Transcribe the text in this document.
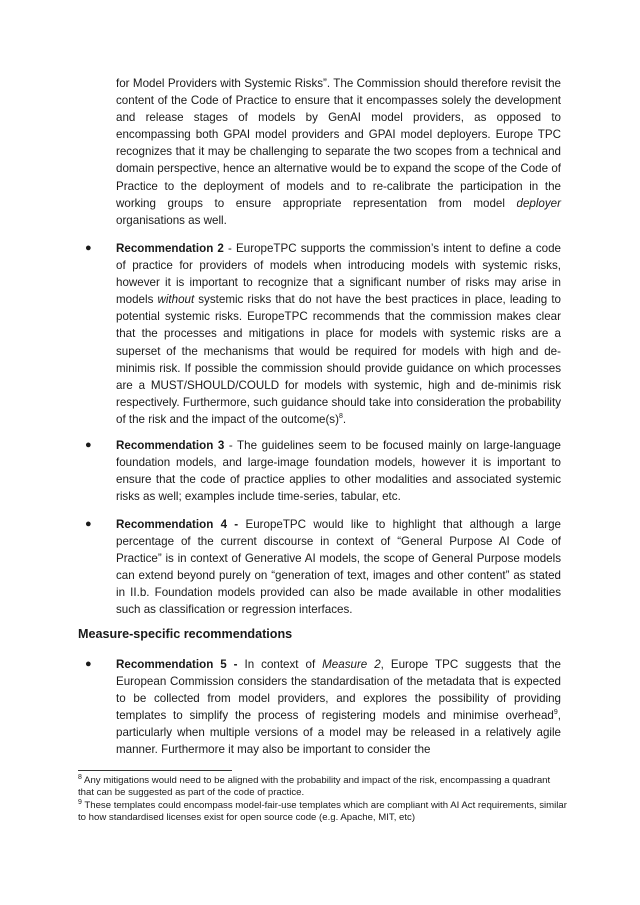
for Model Providers with Systemic Risks”. The Commission should therefore revisit the content of the Code of Practice to ensure that it encompasses solely the development and release stages of models by GenAI model providers, as opposed to encompassing both GPAI model providers and GPAI model deployers. Europe TPC recognizes that it may be challenging to separate the two scopes from a technical and domain perspective, hence an alternative would be to expand the scope of the Code of Practice to the deployment of models and to re-calibrate the participation in the working groups to ensure appropriate representation from model deployer organisations as well.

● Recommendation 2 - EuropeTPC supports the commission’s intent to define a code of practice for providers of models when introducing models with systemic risks, however it is important to recognize that a significant number of risks may arise in models without systemic risks that do not have the best practices in place, leading to potential systemic risks. EuropeTPC recommends that the commission makes clear that the processes and mitigations in place for models with systemic risks are a superset of the mechanisms that would be required for models with high and de-minimis risk. If possible the commission should provide guidance on which processes are a MUST/SHOULD/COULD for models with systemic, high and de-minimis risk respectively. Furthermore, such guidance should take into consideration the probability of the risk and the impact of the $outcome(s)^8$.

● Recommendation 3 - The guidelines seem to be focused mainly on large-language foundation models, and large-image foundation models, however it is important to ensure that the code of practice applies to other modalities and associated systemic risks as well; examples include time-series, tabular, etc.

● Recommendation 4 - EuropeTPC would like to highlight that although a large percentage of the current discourse in context of “General Purpose AI Code of Practice” is in context of Generative AI models, the scope of General Purpose models can extend beyond purely on “generation of text, images and other content” as stated in II.b. Foundation models provided can also be made available in other modalities such as classification or regression interfaces.

Measure-specific recommendations
● Recommendation 5 - In context of Measure 2, Europe TPC suggests that the European Commission considers the standardisation of the metadata that is expected to be collected from model providers, and explores the possibility of providing templates to simplify the process of registering models and minimise overhead$^9$, particularly when multiple versions of a model may be released in a relatively agile manner. Furthermore it may also be important to consider the

$^8$ Any mitigations would need to be aligned with the probability and impact of the risk, encompassing a quadrant that can be suggested as part of the code of practice.

$^9$ These templates could encompass model-fair-use templates which are compliant with AI Act requirements, similar to how standardised licenses exist for open source code (e.g. Apache, MIT, etc)
